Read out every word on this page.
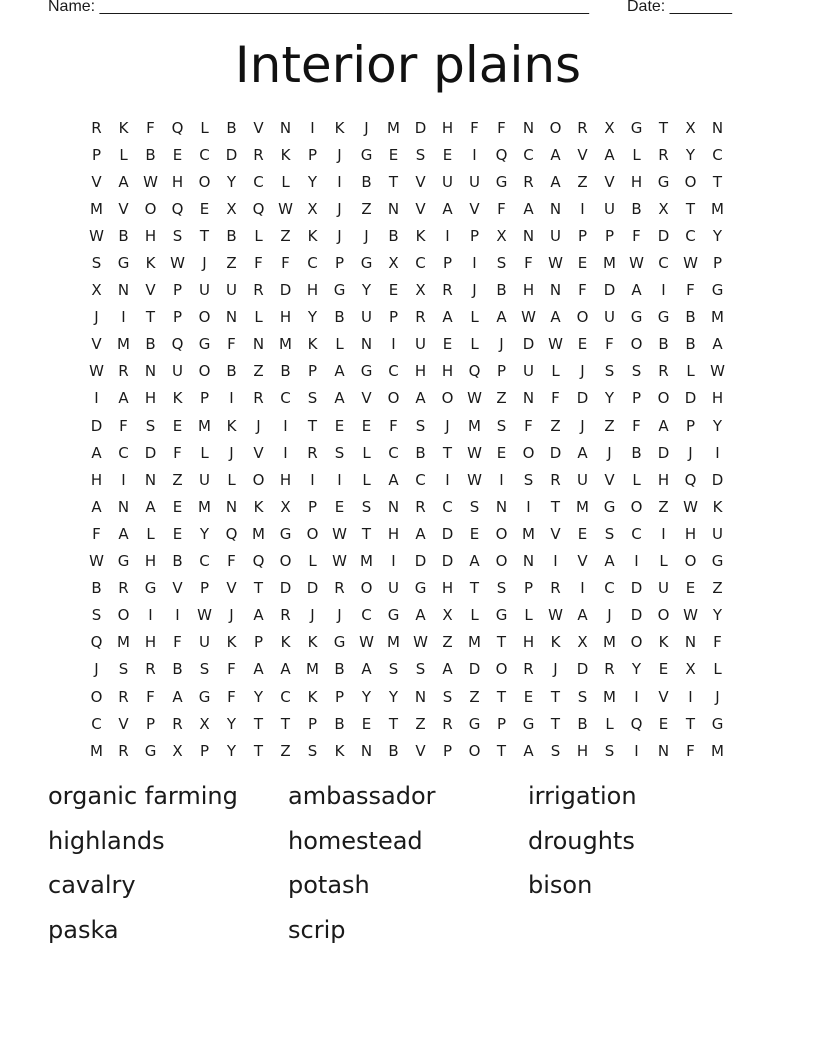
Name: _______________________________________________________ Date: _______
Interior plains
R	K	F	Q	L	B	V	N	I	K	J	M D	H	F	F	N	O	R	X	G	T	X	N
P	L	B	E	C	D	R	K	P	J	G	E	S	E	I	Q	C	A	V	A	L	R	Y	C
V	A W H	O	Y	C	L	Y	I	B	T	V	U	U	G	R	A	Z	V	H	G	O	T
M	V	O	Q	E	X	Q W X	J	Z	N	V	A	V	F	A	N	I	U	B	X	T	M
W B	H	S	T	B	L	Z	K	J	J	B	K	I	P	X	N	U	P	P	F	D	C	Y
S	G	K W	J	Z	F	F	C	P	G	X	C	P	I	S	F	W E	M W C W	P
X	N	V	P	U	U	R	D	H	G	Y	E	X	R	J	B	H	N	F	D	A	I	F	G
J	I	T	P	O	N	L	H	Y	B	U	P	R	A	L	A W A	O	U	G	G	B	M
V	M	B	Q	G	F	N M	K	L	N	I	U	E	L	J	D W E	F	O	B	B	A
W R	N	U	O	B	Z	B	P	A	G	C	H	H	Q	P	U	L	J	S	S	R	L	W
I	A	H	K	P	I	R	C	S	A	V	O	A	O W Z	N	F	D	Y	P	O	D	H
D	F	S	E	M	K	J	I	T	E	E	F	S	J	M	S	F	Z	J	Z	F	A	P	Y
A	C	D	F	L	J	V	I	R	S	L	C	B	T	W E	O	D	A	J	B	D	J	I
H	I	N	Z	U	L	O	H	I	I	L	A	C	I	W	I	S	R	U	V	L	H	Q	D
A	N	A	E	M N	K	X	P	E	S	N	R	C	S	N	I	T	M G	O	Z W K
F	A	L	E	Y	Q M G	O W T	H	A	D	E	O M	V	E	S	C	I	H	U
W G	H	B	C	F	Q	O	L	W M	I	D	D	A	O	N	I	V	A	I	L	O	G
B	R	G	V	P	V	T	D	D	R	O	U	G	H	T	S	P	R	I	C	D	U	E	Z
S	O	I	I	W	J	A	R	J	J	C	G	A	X	L	G	L	W A	J	D	O W Y
Q M H	F	U	K	P	K	K	G W M W Z	M	T	H	K	X	M O	K	N	F
J	S	R	B	S	F	A	A	M	B	A	S	S	A	D	O	R	J	D	R	Y	E	X	L
O	R	F	A	G	F	Y	C	K	P	Y	Y	N	S	Z	T	E	T	S	M	I	V	I	J
C	V	P	R	X	Y	T	T	P	B	E	T	Z	R	G	P	G	T	B	L	Q	E	T	G
M	R	G	X	P	Y	T	Z	S	K	N	B	V	P	O	T	A	S	H	S	I	N	F	M
organic farming	ambassador	irrigation
highlands	homestead	droughts
cavalry	potash	bison
paska	scrip
